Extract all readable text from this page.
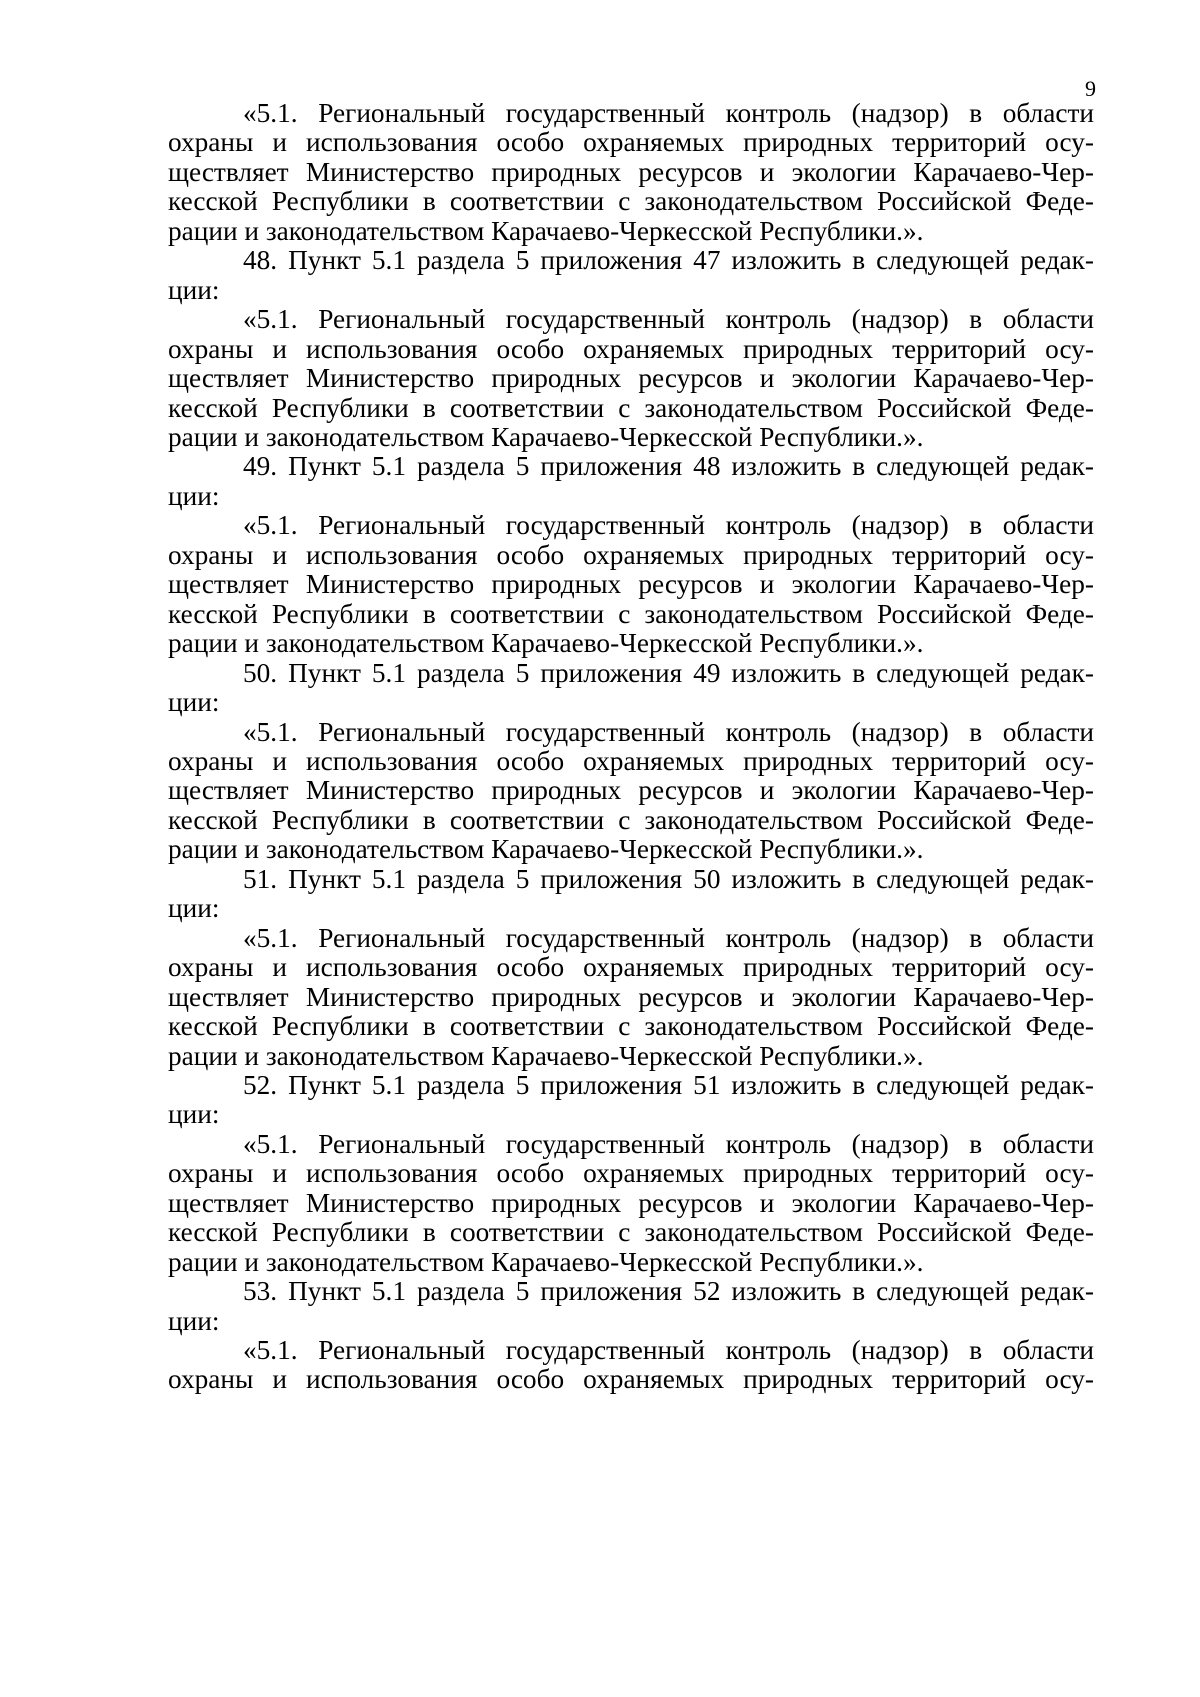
9

«5.1. Региональный государственный контроль (надзор) в области
охраны и использования особо охраняемых природных территорий осу-
ществляет Министерство природных ресурсов и экологии Карачаево-Чер-
кесской Республики в соответствии с законодательством Российской Феде-
рации и законодательством Карачаево-Черкесской Республики.».

48. Пункт 5.1 раздела 5 приложения 47 изложить в следующей редак-
ции:

«5.1. Региональный государственный контроль (надзор) в области
охраны и использования особо охраняемых природных территорий осу-
ществляет Министерство природных ресурсов и экологии Карачаево-Чер-
кесской Республики в соответствии с законодательством Российской Феде-
рации и законодательством Карачаево-Черкесской Республики.».

49. Пункт 5.1 раздела 5 приложения 48 изложить в следующей редак-
ции:

«5.1. Региональный государственный контроль (надзор) в области
охраны и использования особо охраняемых природных территорий осу-
ществляет Министерство природных ресурсов и экологии Карачаево-Чер-
кесской Республики в соответствии с законодательством Российской Феде-
рации и законодательством Карачаево-Черкесской Республики.».

50. Пункт 5.1 раздела 5 приложения 49 изложить в следующей редак-
ции:

«5.1. Региональный государственный контроль (надзор) в области
охраны и использования особо охраняемых природных территорий осу-
ществляет Министерство природных ресурсов и экологии Карачаево-Чер-
кесской Республики в соответствии с законодательством Российской Феде-
рации и законодательством Карачаево-Черкесской Республики.».

51. Пункт 5.1 раздела 5 приложения 50 изложить в следующей редак-
ции:

«5.1. Региональный государственный контроль (надзор) в области
охраны и использования особо охраняемых природных территорий осу-
ществляет Министерство природных ресурсов и экологии Карачаево-Чер-
кесской Республики в соответствии с законодательством Российской Феде-
рации и законодательством Карачаево-Черкесской Республики.».

52. Пункт 5.1 раздела 5 приложения 51 изложить в следующей редак-
ции:

«5.1. Региональный государственный контроль (надзор) в области
охраны и использования особо охраняемых природных территорий осу-
ществляет Министерство природных ресурсов и экологии Карачаево-Чер-
кесской Республики в соответствии с законодательством Российской Феде-
рации и законодательством Карачаево-Черкесской Республики.».

53. Пункт 5.1 раздела 5 приложения 52 изложить в следующей редак-
ции:

«5.1. Региональный государственный контроль (надзор) в области
охраны и использования особо охраняемых природных территорий осу-
